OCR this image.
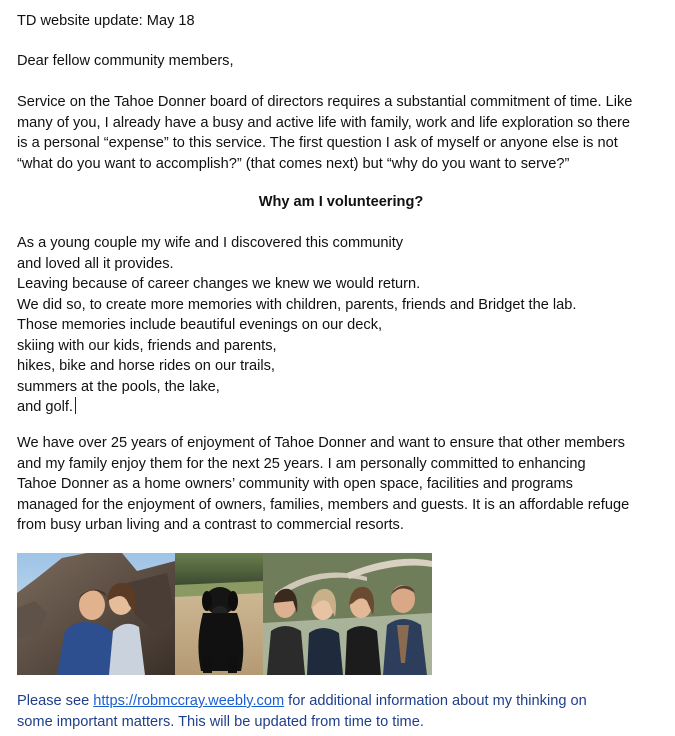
TD website update: May 18
Dear fellow community members,
Service on the Tahoe Donner board of directors requires a substantial commitment of time. Like
many of you, I already have a busy and active life with family, work and life exploration so there
is a personal “expense” to this service. The first question I ask of myself or anyone else is not
“what do you want to accomplish?” (that comes next) but “why do you want to serve?”
Why am I volunteering?
As a young couple my wife and I discovered this community
and loved all it provides.
Leaving because of career changes we knew we would return.
We did so, to create more memories with children, parents, friends and Bridget the lab.
Those memories include beautiful evenings on our deck,
skiing with our kids, friends and parents,
hikes, bike and horse rides on our trails,
summers at the pools, the lake,
and golf.
We have over 25 years of enjoyment of Tahoe Donner and want to ensure that other members
and my family enjoy them for the next 25 years. I am personally committed to enhancing
Tahoe Donner as a home owners’ community with open space, facilities and programs
managed for the enjoyment of owners, families, members and guests. It is an affordable refuge
from busy urban living and a contrast to commercial resorts.
Please see https://robmccray.weebly.com for additional information about my thinking on
some important matters. This will be updated from time to time.
